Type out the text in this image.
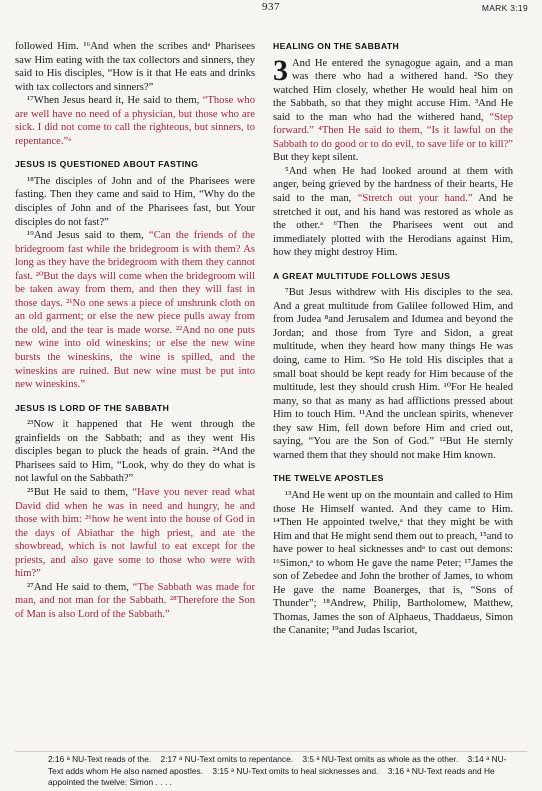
937	MARK 3:19

followed Him. ¹⁶And when the scribes andᵃ Pharisees saw Him eating with the tax collectors and sinners, they said to His disciples, “How is it that He eats and drinks with tax collectors and sinners?”

¹⁷When Jesus heard it, He said to them, “Those who are well have no need of a physician, but those who are sick. I did not come to call the righteous, but sinners, to repentance.”ᵃ

JESUS IS QUESTIONED ABOUT FASTING

¹⁸The disciples of John and of the Pharisees were fasting. Then they came and said to Him, “Why do the disciples of John and of the Pharisees fast, but Your disciples do not fast?”

¹⁹And Jesus said to them, “Can the friends of the bridegroom fast while the bridegroom is with them? As long as they have the bridegroom with them they cannot fast. ²⁰But the days will come when the bridegroom will be taken away from them, and then they will fast in those days. ²¹No one sews a piece of unshrunk cloth on an old garment; or else the new piece pulls away from the old, and the tear is made worse. ²²And no one puts new wine into old wineskins; or else the new wine bursts the wineskins, the wine is spilled, and the wineskins are ruined. But new wine must be put into new wineskins.”

JESUS IS LORD OF THE SABBATH

²³Now it happened that He went through the grainfields on the Sabbath; and as they went His disciples began to pluck the heads of grain. ²⁴And the Pharisees said to Him, “Look, why do they do what is not lawful on the Sabbath?”

²⁵But He said to them, “Have you never read what David did when he was in need and hungry, he and those with him: ²⁶how he went into the house of God in the days of Abiathar the high priest, and ate the showbread, which is not lawful to eat except for the priests, and also gave some to those who were with him?”

²⁷And He said to them, “The Sabbath was made for man, and not man for the Sabbath. ²⁸Therefore the Son of Man is also Lord of the Sabbath.”

HEALING ON THE SABBATH

3 And He entered the synagogue again, and a man was there who had a withered hand. ²So they watched Him closely, whether He would heal him on the Sabbath, so that they might accuse Him. ³And He said to the man who had the withered hand, “Step forward.” ⁴Then He said to them, “Is it lawful on the Sabbath to do good or to do evil, to save life or to kill?” But they kept silent.

⁵And when He had looked around at them with anger, being grieved by the hardness of their hearts, He said to the man, “Stretch out your hand.” And he stretched it out, and his hand was restored as whole as the other.ᵃ ⁶Then the Pharisees went out and immediately plotted with the Herodians against Him, how they might destroy Him.

A GREAT MULTITUDE FOLLOWS JESUS

⁷But Jesus withdrew with His disciples to the sea. And a great multitude from Galilee followed Him, and from Judea ⁸and Jerusalem and Idumea and beyond the Jordan; and those from Tyre and Sidon, a great multitude, when they heard how many things He was doing, came to Him. ⁹So He told His disciples that a small boat should be kept ready for Him because of the multitude, lest they should crush Him. ¹⁰For He healed many, so that as many as had afflictions pressed about Him to touch Him. ¹¹And the unclean spirits, whenever they saw Him, fell down before Him and cried out, saying, “You are the Son of God.” ¹²But He sternly warned them that they should not make Him known.

THE TWELVE APOSTLES

¹³And He went up on the mountain and called to Him those He Himself wanted. And they came to Him. ¹⁴Then He appointed twelve,ᵃ that they might be with Him and that He might send them out to preach, ¹⁵and to have power to heal sicknesses andᵃ to cast out demons: ¹⁶Simon,ᵃ to whom He gave the name Peter; ¹⁷James the son of Zebedee and John the brother of James, to whom He gave the name Boanerges, that is, “Sons of Thunder”; ¹⁸Andrew, Philip, Bartholomew, Matthew, Thomas, James the son of Alphaeus, Thaddaeus, Simon the Cananite; ¹⁹and Judas Iscariot,

2:16 ᵃ NU-Text reads of the. 2:17 ᵃ NU-Text omits to repentance. 3:5 ᵃ NU-Text omits as whole as the other. 3:14 ᵃ NU-Text adds whom He also named apostles. 3:15 ᵃ NU-Text omits to heal sicknesses and. 3:16 ᵃ NU-Text reads and He appointed the twelve: Simon . . . .
